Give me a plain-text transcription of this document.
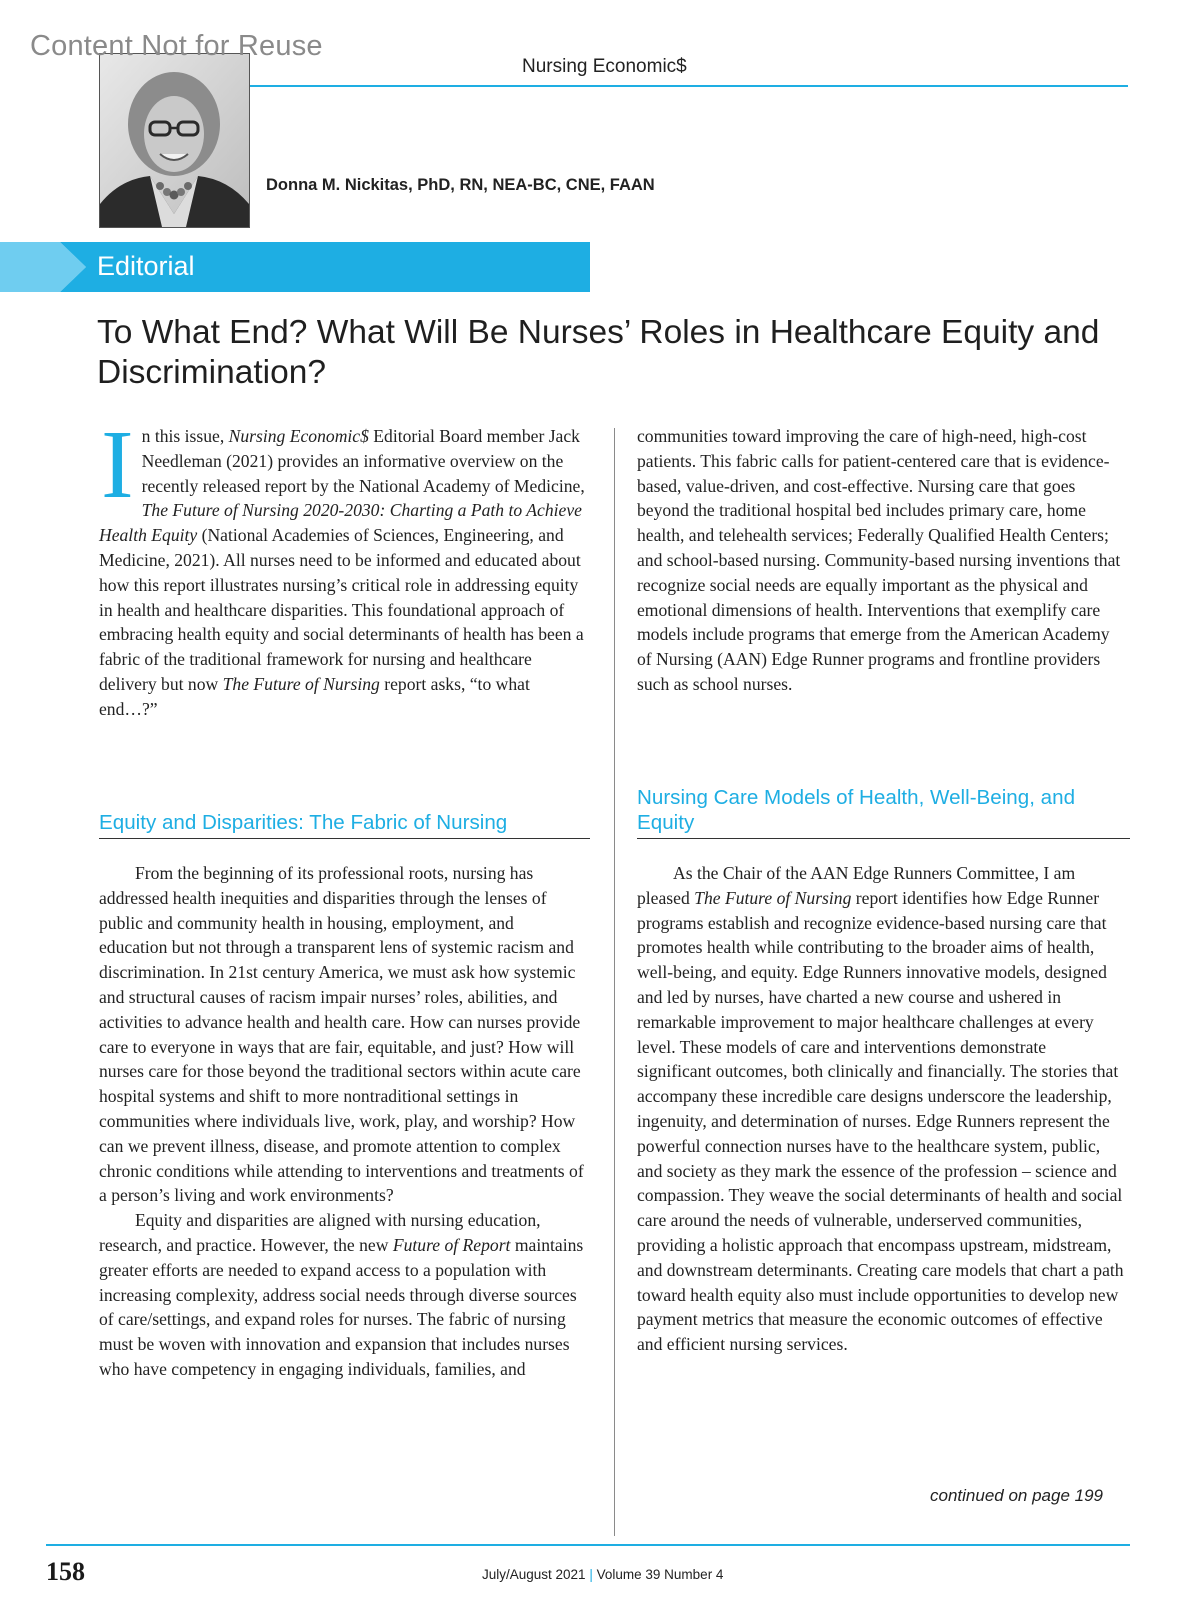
Content Not for Reuse
Nursing Economic$
Donna M. Nickitas, PhD, RN, NEA-BC, CNE, FAAN
Editorial
To What End? What Will Be Nurses’ Roles in Healthcare Equity and Discrimination?

In this issue, Nursing Economic$ Editorial Board member Jack Needleman (2021) provides an informative overview on the recently released report by the National Academy of Medicine, The Future of Nursing 2020-2030: Charting a Path to Achieve Health Equity (National Academies of Sciences, Engineering, and Medicine, 2021). All nurses need to be informed and educated about how this report illustrates nursing’s critical role in addressing equity in health and healthcare disparities. This foundational approach of embracing health equity and social determinants of health has been a fabric of the traditional framework for nursing and healthcare delivery but now The Future of Nursing report asks, “to what end…?”

Equity and Disparities: The Fabric of Nursing

From the beginning of its professional roots, nursing has addressed health inequities and disparities through the lenses of public and community health in housing, employment, and education but not through a transparent lens of systemic racism and discrimination. In 21st century America, we must ask how systemic and structural causes of racism impair nurses’ roles, abilities, and activities to advance health and health care. How can nurses provide care to everyone in ways that are fair, equitable, and just? How will nurses care for those beyond the traditional sectors within acute care hospital systems and shift to more nontraditional settings in communities where individuals live, work, play, and worship? How can we prevent illness, disease, and promote attention to complex chronic conditions while attending to interventions and treatments of a person’s living and work environments?

Equity and disparities are aligned with nursing education, research, and practice. However, the new Future of Report maintains greater efforts are needed to expand access to a population with increasing complexity, address social needs through diverse sources of care/settings, and expand roles for nurses. The fabric of nursing must be woven with innovation and expansion that includes nurses who have competency in engaging individuals, families, and

communities toward improving the care of high-need, high-cost patients. This fabric calls for patient-centered care that is evidence-based, value-driven, and cost-effective. Nursing care that goes beyond the traditional hospital bed includes primary care, home health, and telehealth services; Federally Qualified Health Centers; and school-based nursing. Community-based nursing inventions that recognize social needs are equally important as the physical and emotional dimensions of health. Interventions that exemplify care models include programs that emerge from the American Academy of Nursing (AAN) Edge Runner programs and frontline providers such as school nurses.

Nursing Care Models of Health, Well-Being, and Equity

As the Chair of the AAN Edge Runners Committee, I am pleased The Future of Nursing report identifies how Edge Runner programs establish and recognize evidence-based nursing care that promotes health while contributing to the broader aims of health, well-being, and equity. Edge Runners innovative models, designed and led by nurses, have charted a new course and ushered in remarkable improvement to major healthcare challenges at every level. These models of care and interventions demonstrate significant outcomes, both clinically and financially. The stories that accompany these incredible care designs underscore the leadership, ingenuity, and determination of nurses. Edge Runners represent the powerful connection nurses have to the healthcare system, public, and society as they mark the essence of the profession – science and compassion. They weave the social determinants of health and social care around the needs of vulnerable, underserved communities, providing a holistic approach that encompass upstream, midstream, and downstream determinants. Creating care models that chart a path toward health equity also must include opportunities to develop new payment metrics that measure the economic outcomes of effective and efficient nursing services.

continued on page 199
158	July/August 2021 | Volume 39 Number 4
